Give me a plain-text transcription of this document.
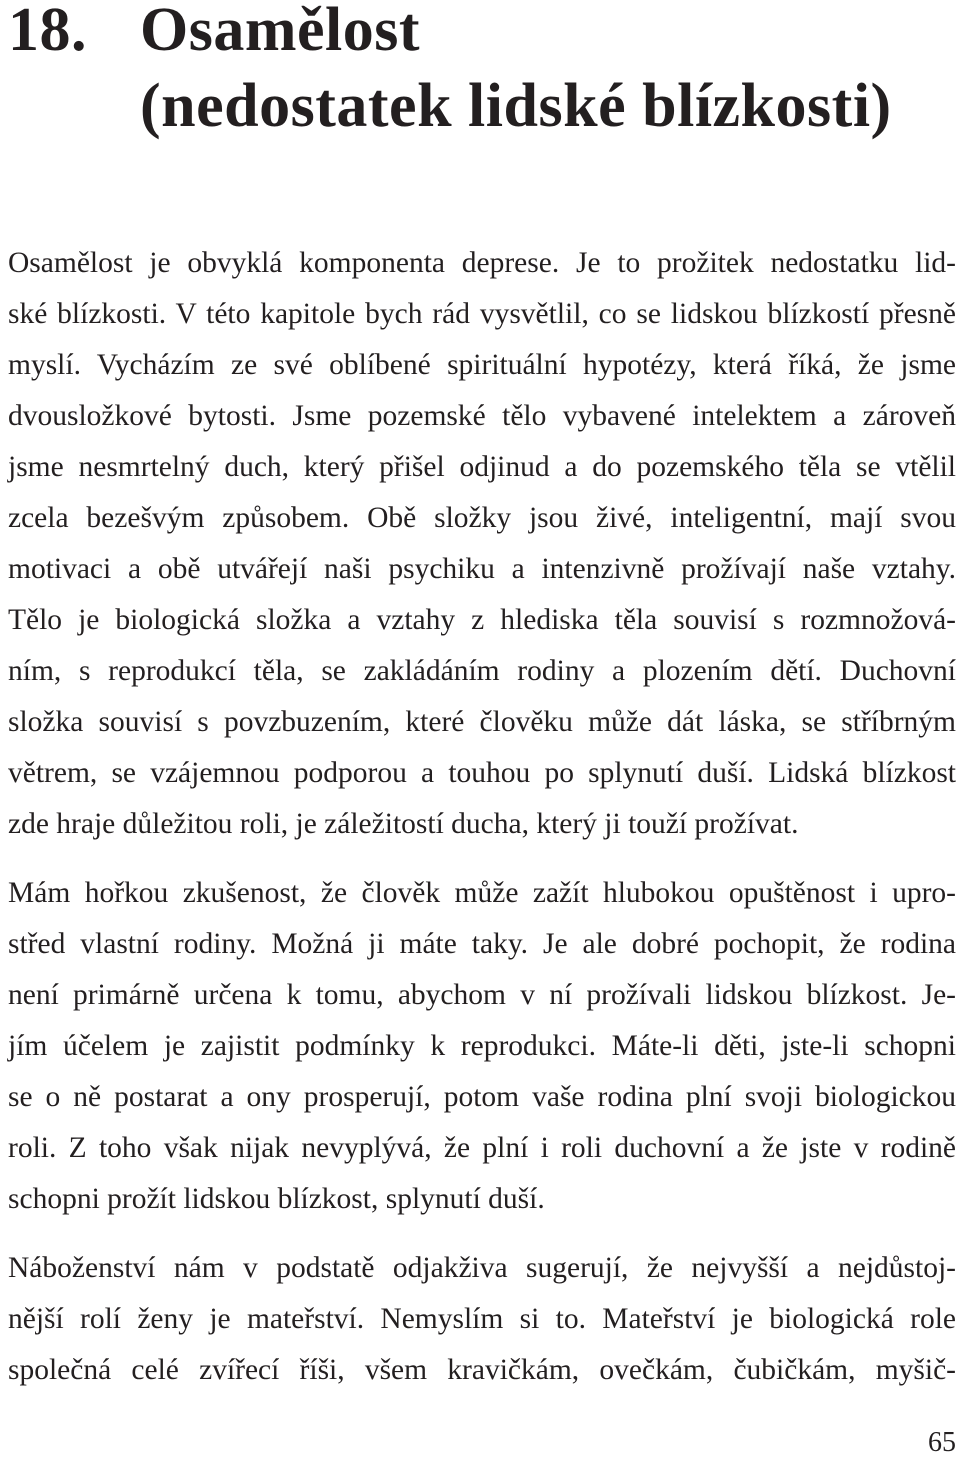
18. Osamělost
(nedostatek lidské blízkosti)
Osamělost je obvyklá komponenta deprese. Je to prožitek nedostatku lid-
ské blízkosti. V této kapitole bych rád vysvětlil, co se lidskou blízkostí přesně
myslí. Vycházím ze své oblíbené spirituální hypotézy, která říká, že jsme
dvousložkové bytosti. Jsme pozemské tělo vybavené intelektem a zároveň
jsme nesmrtelný duch, který přišel odjinud a do pozemského těla se vtělil
zcela bezešvým způsobem. Obě složky jsou živé, inteligentní, mají svou
motivaci a obě utvářejí naši psychiku a intenzivně prožívají naše vztahy.
Tělo je biologická složka a vztahy z hlediska těla souvisí s rozmnožová-
ním, s reprodukcí těla, se zakládáním rodiny a plozením dětí. Duchovní
složka souvisí s povzbuzením, které člověku může dát láska, se stříbrným
větrem, se vzájemnou podporou a touhou po splynutí duší. Lidská blízkost
zde hraje důležitou roli, je záležitostí ducha, který ji touží prožívat.
Mám hořkou zkušenost, že člověk může zažít hlubokou opuštěnost i upro-
střed vlastní rodiny. Možná ji máte taky. Je ale dobré pochopit, že rodina
není primárně určena k tomu, abychom v ní prožívali lidskou blízkost. Je-
jím účelem je zajistit podmínky k reprodukci. Máte-li děti, jste-li schopni
se o ně postarat a ony prosperují, potom vaše rodina plní svoji biologickou
roli. Z toho však nijak nevyplývá, že plní i roli duchovní a že jste v rodině
schopni prožít lidskou blízkost, splynutí duší.
Náboženství nám v podstatě odjakživa sugerují, že nejvyšší a nejdůstoj-
nější rolí ženy je mateřství. Nemyslím si to. Mateřství je biologická role
společná celé zvířecí říši, všem kravičkám, ovečkám, čubičkám, myšič-
65
